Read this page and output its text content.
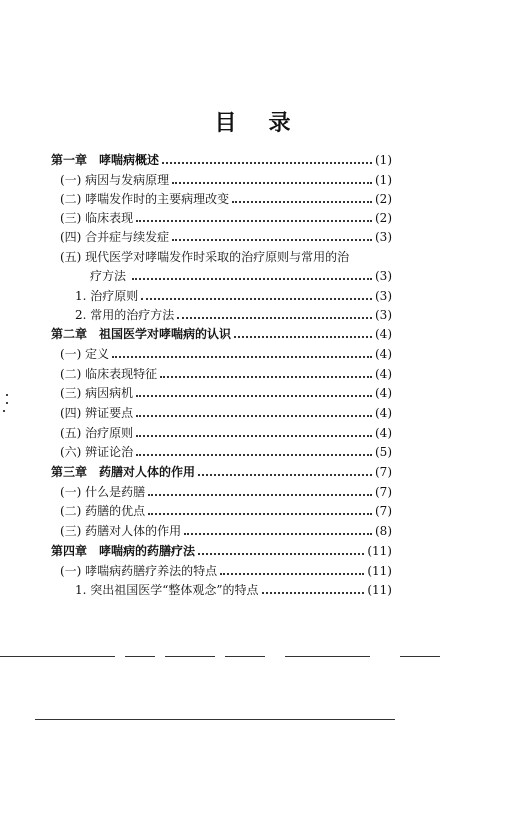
目 录
第一章 哮喘病概述	(1)
(一) 病因与发病原理	(1)
(二) 哮喘发作时的主要病理改变	(2)
(三) 临床表现	(2)
(四) 合并症与续发症	(3)
(五) 现代医学对哮喘发作时采取的治疗原则与常用的治
疗方法	(3)
1. 治疗原则	(3)
2. 常用的治疗方法	(3)
第二章 祖国医学对哮喘病的认识	(4)
(一) 定义	(4)
(二) 临床表现特征	(4)
(三) 病因病机	(4)
(四) 辨证要点	(4)
(五) 治疗原则	(4)
(六) 辨证论治	(5)
第三章 药膳对人体的作用	(7)
(一) 什么是药膳	(7)
(二) 药膳的优点	(7)
(三) 药膳对人体的作用	(8)
第四章 哮喘病的药膳疗法	(11)
(一) 哮喘病药膳疗养法的特点	(11)
1. 突出祖国医学“整体观念”的特点	(11)
